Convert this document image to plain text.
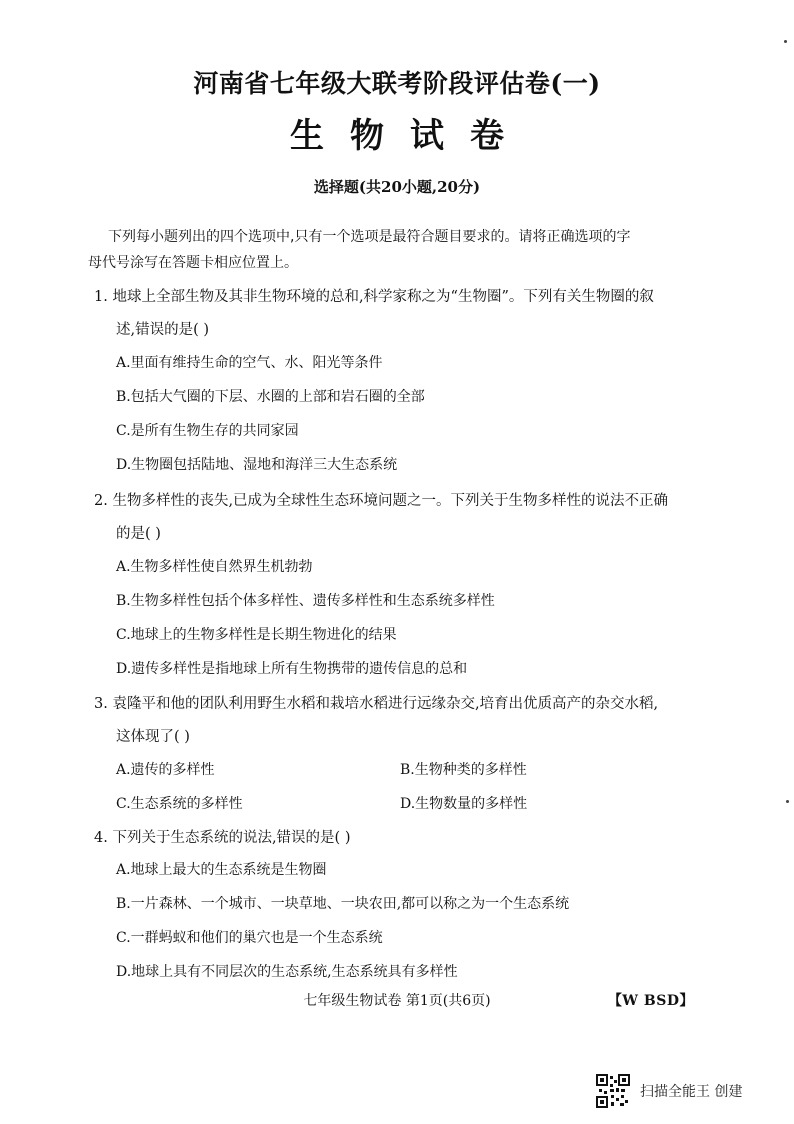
河南省七年级大联考阶段评估卷(一)
生物试卷
选择题(共20小题,20分)
下列每小题列出的四个选项中,只有一个选项是最符合题目要求的。请将正确选项的字
母代号涂写在答题卡相应位置上。
1. 地球上全部生物及其非生物环境的总和,科学家称之为“生物圈”。下列有关生物圈的叙
述,错误的是( )
A.里面有维持生命的空气、水、阳光等条件
B.包括大气圈的下层、水圈的上部和岩石圈的全部
C.是所有生物生存的共同家园
D.生物圈包括陆地、湿地和海洋三大生态系统
2. 生物多样性的丧失,已成为全球性生态环境问题之一。下列关于生物多样性的说法不正确
的是( )
A.生物多样性使自然界生机勃勃
B.生物多样性包括个体多样性、遗传多样性和生态系统多样性
C.地球上的生物多样性是长期生物进化的结果
D.遗传多样性是指地球上所有生物携带的遗传信息的总和
3. 袁隆平和他的团队利用野生水稻和栽培水稻进行远缘杂交,培育出优质高产的杂交水稻,
这体现了( )
A.遗传的多样性	B.生物种类的多样性
C.生态系统的多样性	D.生物数量的多样性
4. 下列关于生态系统的说法,错误的是( )
A.地球上最大的生态系统是生物圈
B.一片森林、一个城市、一块草地、一块农田,都可以称之为一个生态系统
C.一群蚂蚁和他们的巢穴也是一个生态系统
D.地球上具有不同层次的生态系统,生态系统具有多样性
七年级生物试卷 第1页(共6页)	【W BSD】
扫描全能王 创建
